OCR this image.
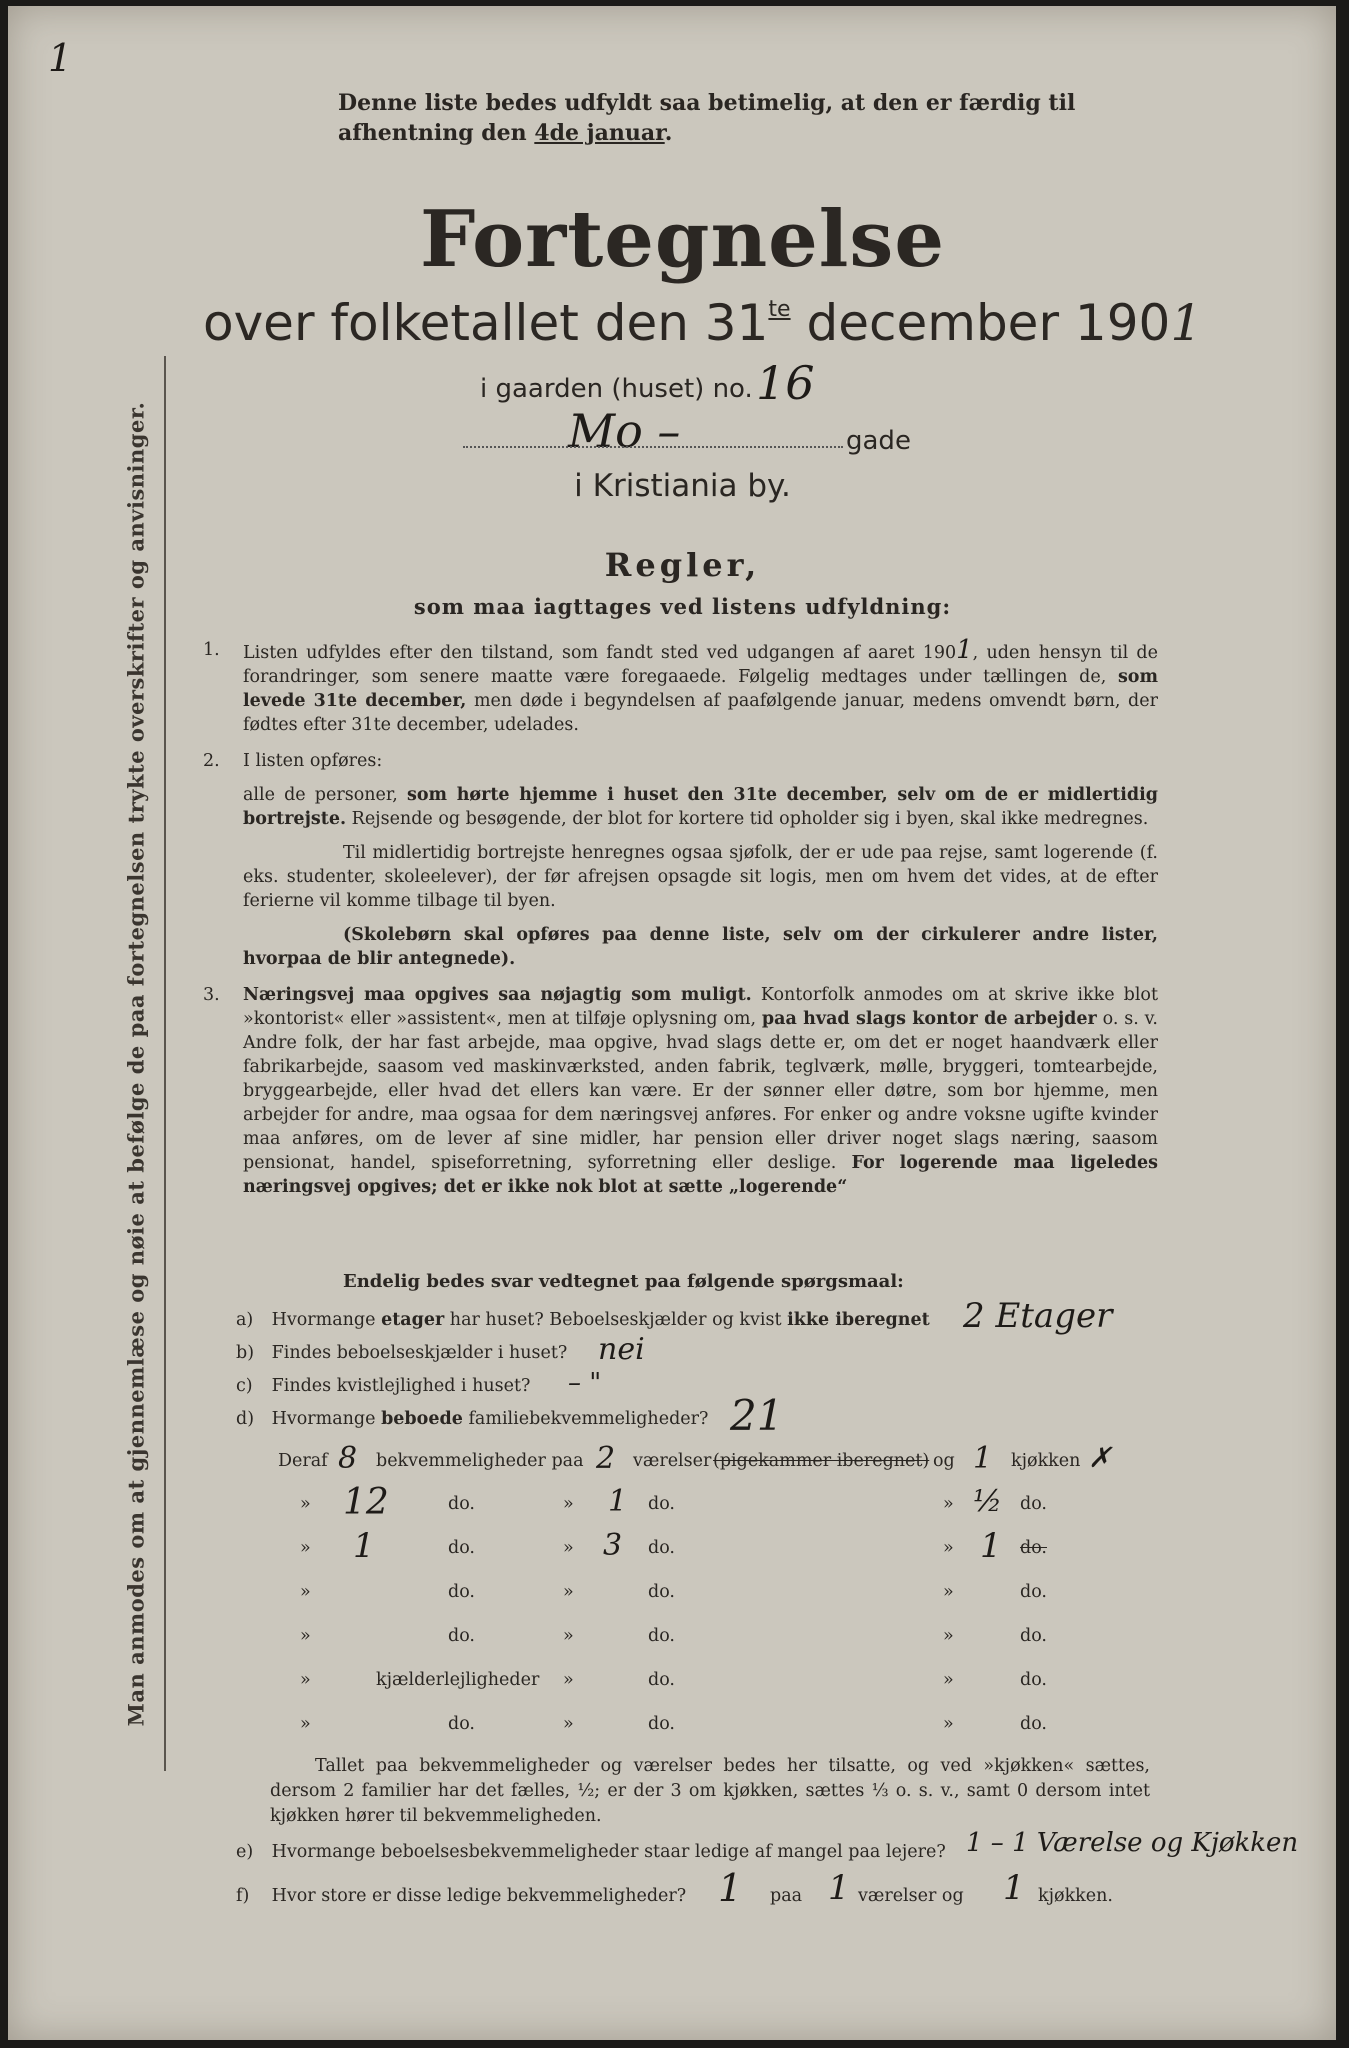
1
Denne liste bedes udfyldt saa betimelig, at den er færdig til
afhentning den 4de januar.
Fortegnelse
over folketallet den $31^{te}$ december 1901
i gaarden (huset) no. 16
Mo –	gade
i Kristiania by.
Man anmodes om at gjennemlæse og nøie at befølge de paa fortegnelsen trykte overskrifter og anvisninger.	Regler,
som maa iagttages ved listens udfyldning:
1. Listen udfyldes efter den tilstand, som fandt sted ved udgangen af aaret 1901, uden hensyn til de forandringer, som senere maatte være foregaaede. Følgelig medtages under tællingen de, som levede 31te december, men døde i begyndelsen af paafølgende januar, medens omvendt børn, der fødtes efter 31te december, udelades.

2. I listen opføres:

alle de personer, som hørte hjemme i huset den 31te december, selv om de er midlertidig bortrejste. Rejsende og besøgende, der blot for kortere tid opholder sig i byen, skal ikke medregnes.

Til midlertidig bortrejste henregnes ogsaa sjøfolk, der er ude paa rejse, samt logerende (f. eks. studenter, skoleelever), der før afrejsen opsagde sit logis, men om hvem det vides, at de efter ferierne vil komme tilbage til byen.

(Skolebørn skal opføres paa denne liste, selv om der cirkulerer andre lister, hvorpaa de blir antegnede).

3. Næringsvej maa opgives saa nøjagtig som muligt. Kontorfolk anmodes om at skrive ikke blot »kontorist« eller »assistent«, men at tilføje oplysning om, paa hvad slags kontor de arbejder o. s. v. Andre folk, der har fast arbejde, maa opgive, hvad slags dette er, om det er noget haandværk eller fabrikarbejde, saasom ved maskinværksted, anden fabrik, teglværk, mølle, bryggeri, tomtearbejde, bryggearbejde, eller hvad det ellers kan være. Er der sønner eller døtre, som bor hjemme, men arbejder for andre, maa ogsaa for dem næringsvej anføres. For enker og andre voksne ugifte kvinder maa anføres, om de lever af sine midler, har pension eller driver noget slags næring, saasom pensionat, handel, spiseforretning, syforretning eller deslige. For logerende maa ligeledes næringsvej opgives; det er ikke nok blot at sætte „logerende“

Endelig bedes svar vedtegnet paa følgende spørgsmaal:
a) Hvormange etager har huset? Beboelseskjælder og kvist ikke iberegnet 2 Etager
b) Findes beboelseskjælder i huset? nei
c) Findes kvistlejlighed i huset? – "
d) Hvormange beboede familiebekvemmeligheder? 21
Deraf 8 bekvemmeligheder paa 2 værelser (pigekammer iberegnet) og 1 kjøkken ✗
» 12	do.	» 1 do.	» ½ do.
» 1	do.	» 3 do.	» 1 do.
»	do.	»	do.	»	do.
»	do.	»	do.	»	do.
»	kjælderlejligheder »	do.	»	do.
»	do.	»	do.	»	do.

Tallet paa bekvemmeligheder og værelser bedes her tilsatte, og ved »kjøkken« sættes, dersom 2 familier har det fælles, ½; er der 3 om kjøkken, sættes ⅓ o. s. v., samt 0 dersom intet kjøkken hører til bekvemmeligheden.

e) Hvormange beboelsesbekvemmeligheder staar ledige af mangel paa lejere? 1 – 1 Værelse og Kjøkken
f) Hvor store er disse ledige bekvemmeligheder? 1 paa 1 værelser og 1 kjøkken.
